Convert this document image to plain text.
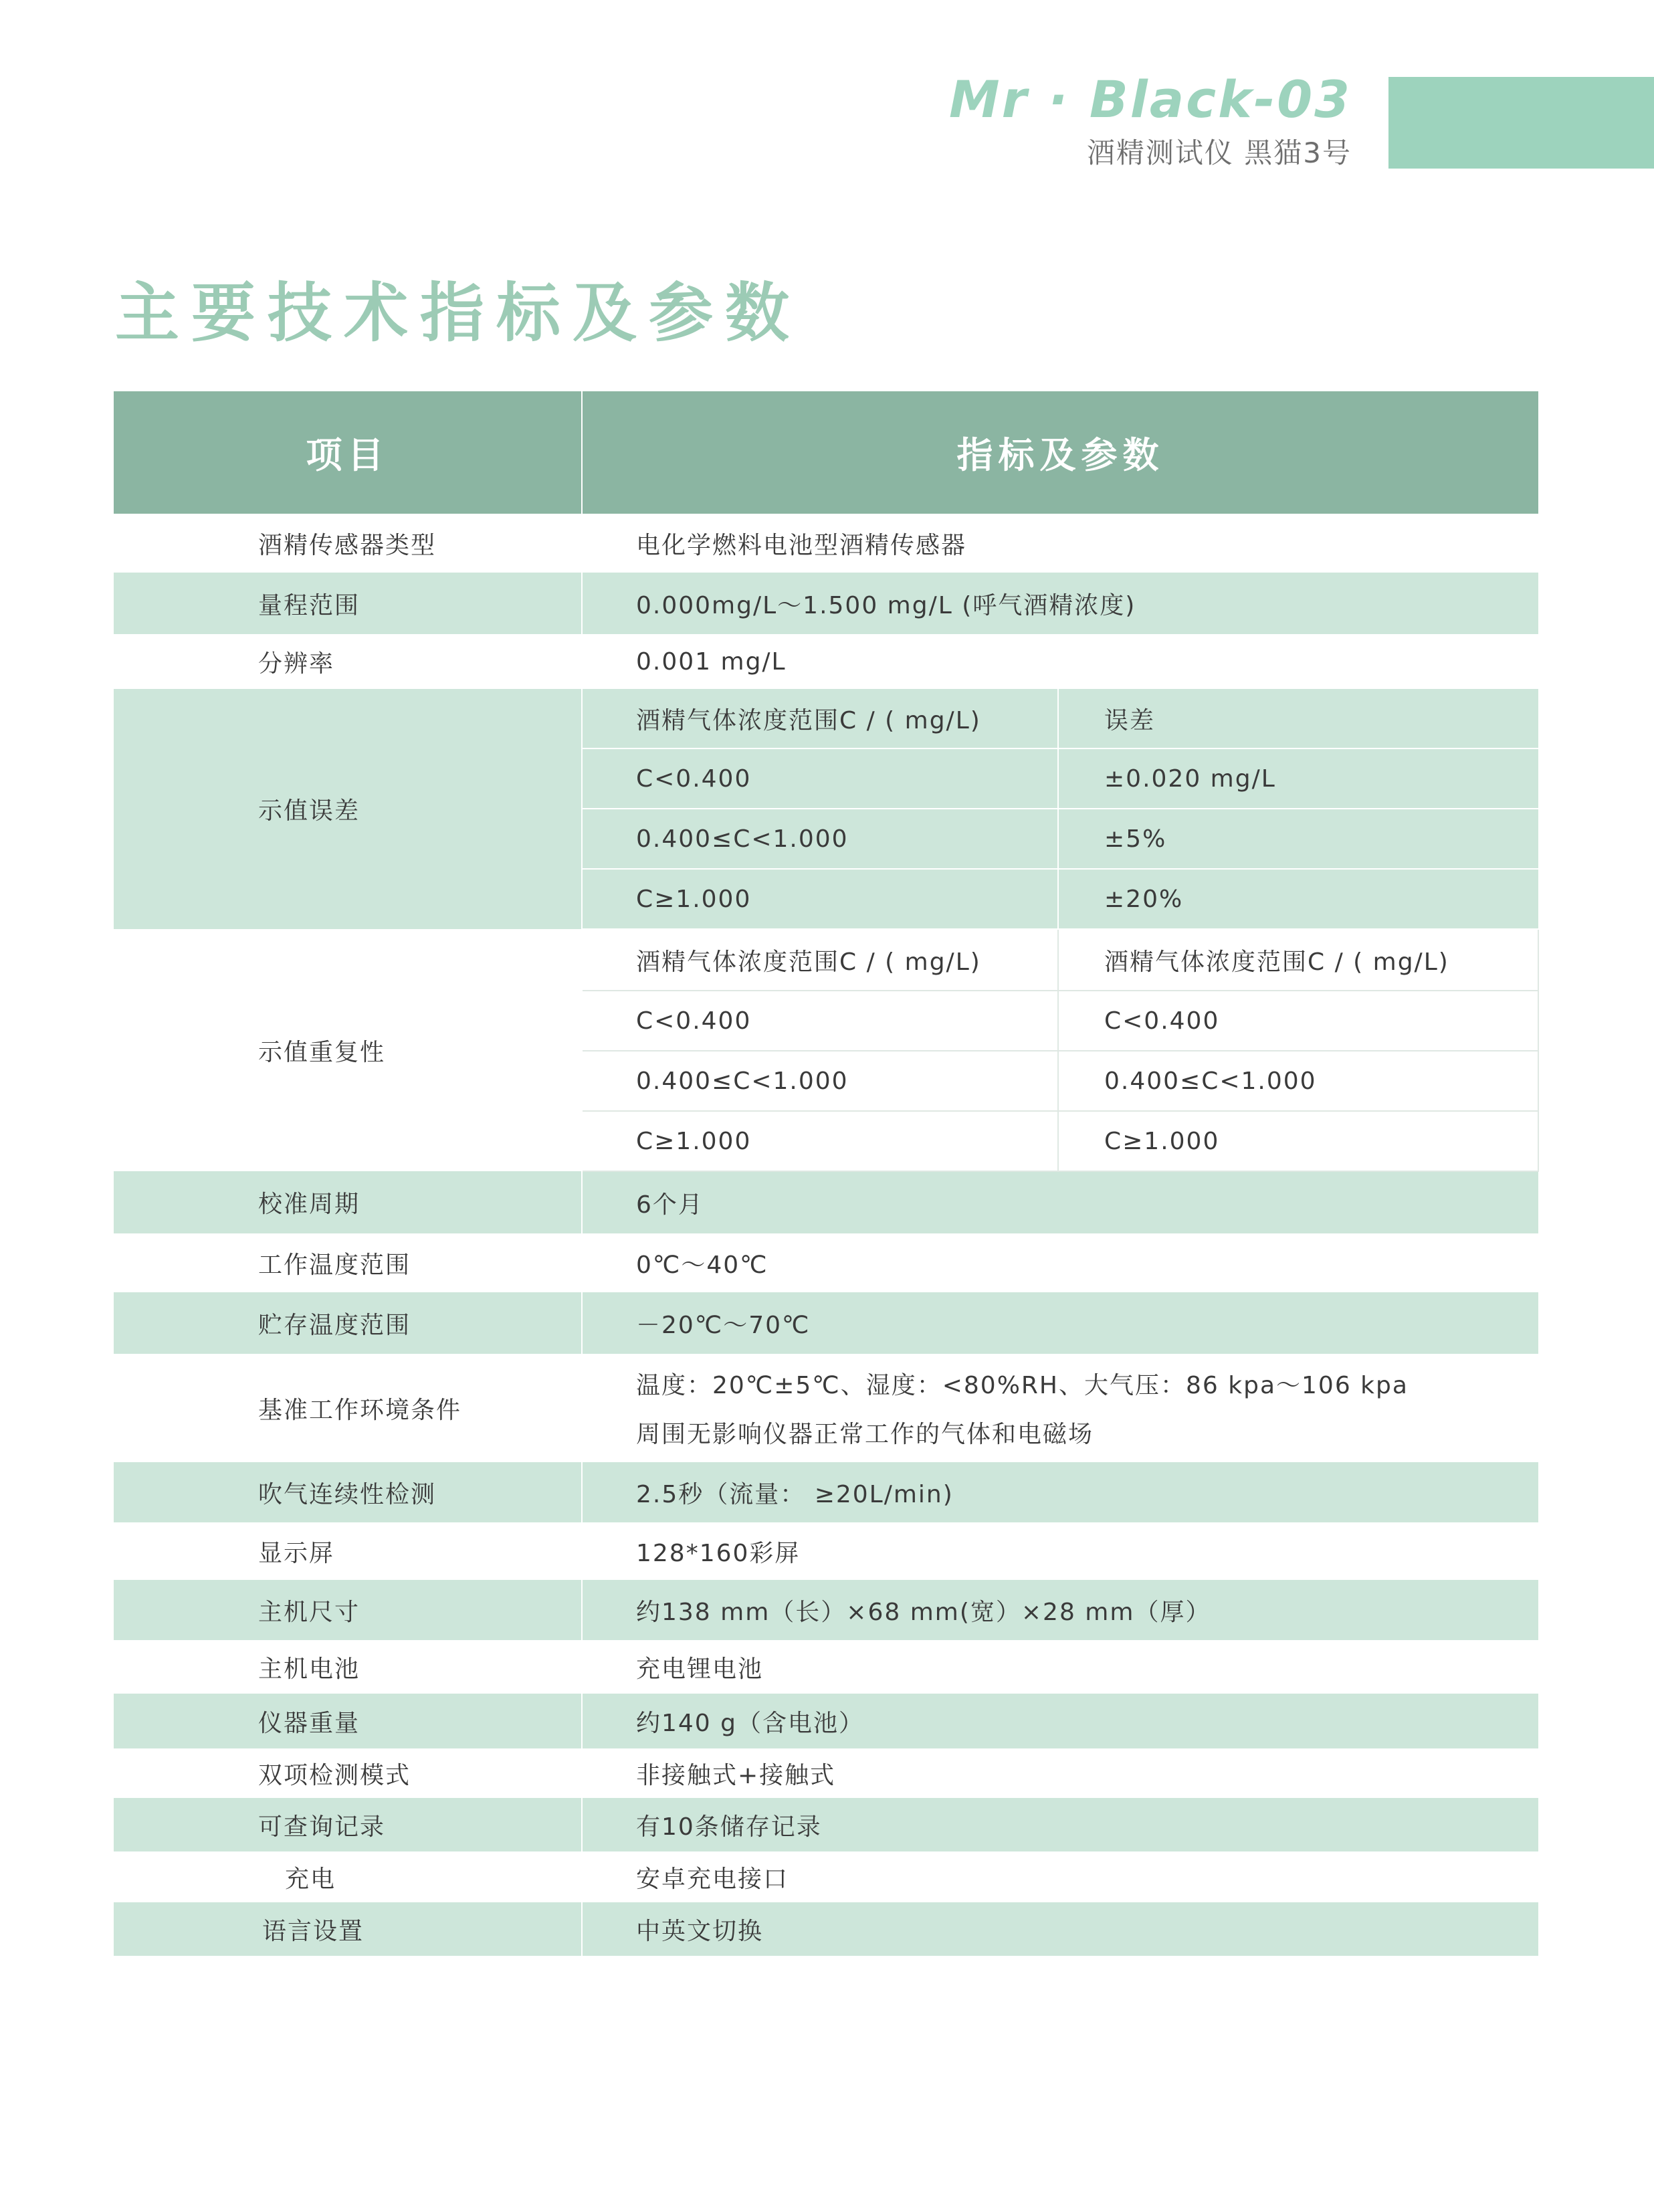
Mr · Black-03
酒精测试仪 黑猫3号
主要技术指标及参数
项目	指标及参数	
酒精传感器类型	电化学燃料电池型酒精传感器	
量程范围	0.000mg/L～1.500 mg/L (呼气酒精浓度)	
分辨率	0.001 mg/L	
示值误差	酒精气体浓度范围C / ( mg/L)	误差
	C<0.400	±0.020 mg/L
	0.400≤C<1.000	±5%
	C≥1.000	±20%
示值重复性	酒精气体浓度范围C / ( mg/L)	酒精气体浓度范围C / ( mg/L)
	C<0.400	C<0.400
	0.400≤C<1.000	0.400≤C<1.000
	C≥1.000	C≥1.000
校准周期	6个月	
工作温度范围	0℃～40℃	
贮存温度范围	－20℃～70℃	
基准工作环境条件	温度：20℃±5℃、湿度：<80%RH、大气压：86 kpa～106 kpa
周围无影响仪器正常工作的气体和电磁场	

吹气连续性检测	2.5秒（流量： ≥20L/min)	
显示屏	128*160彩屏	
主机尺寸	约138 mm（长）×68 mm(宽）×28 mm（厚）	
主机电池	充电锂电池	
仪器重量	约140 g（含电池）	
双项检测模式	非接触式+接触式	
可查询记录	有10条储存记录	
充电	安卓充电接口	
语言设置	中英文切换	
